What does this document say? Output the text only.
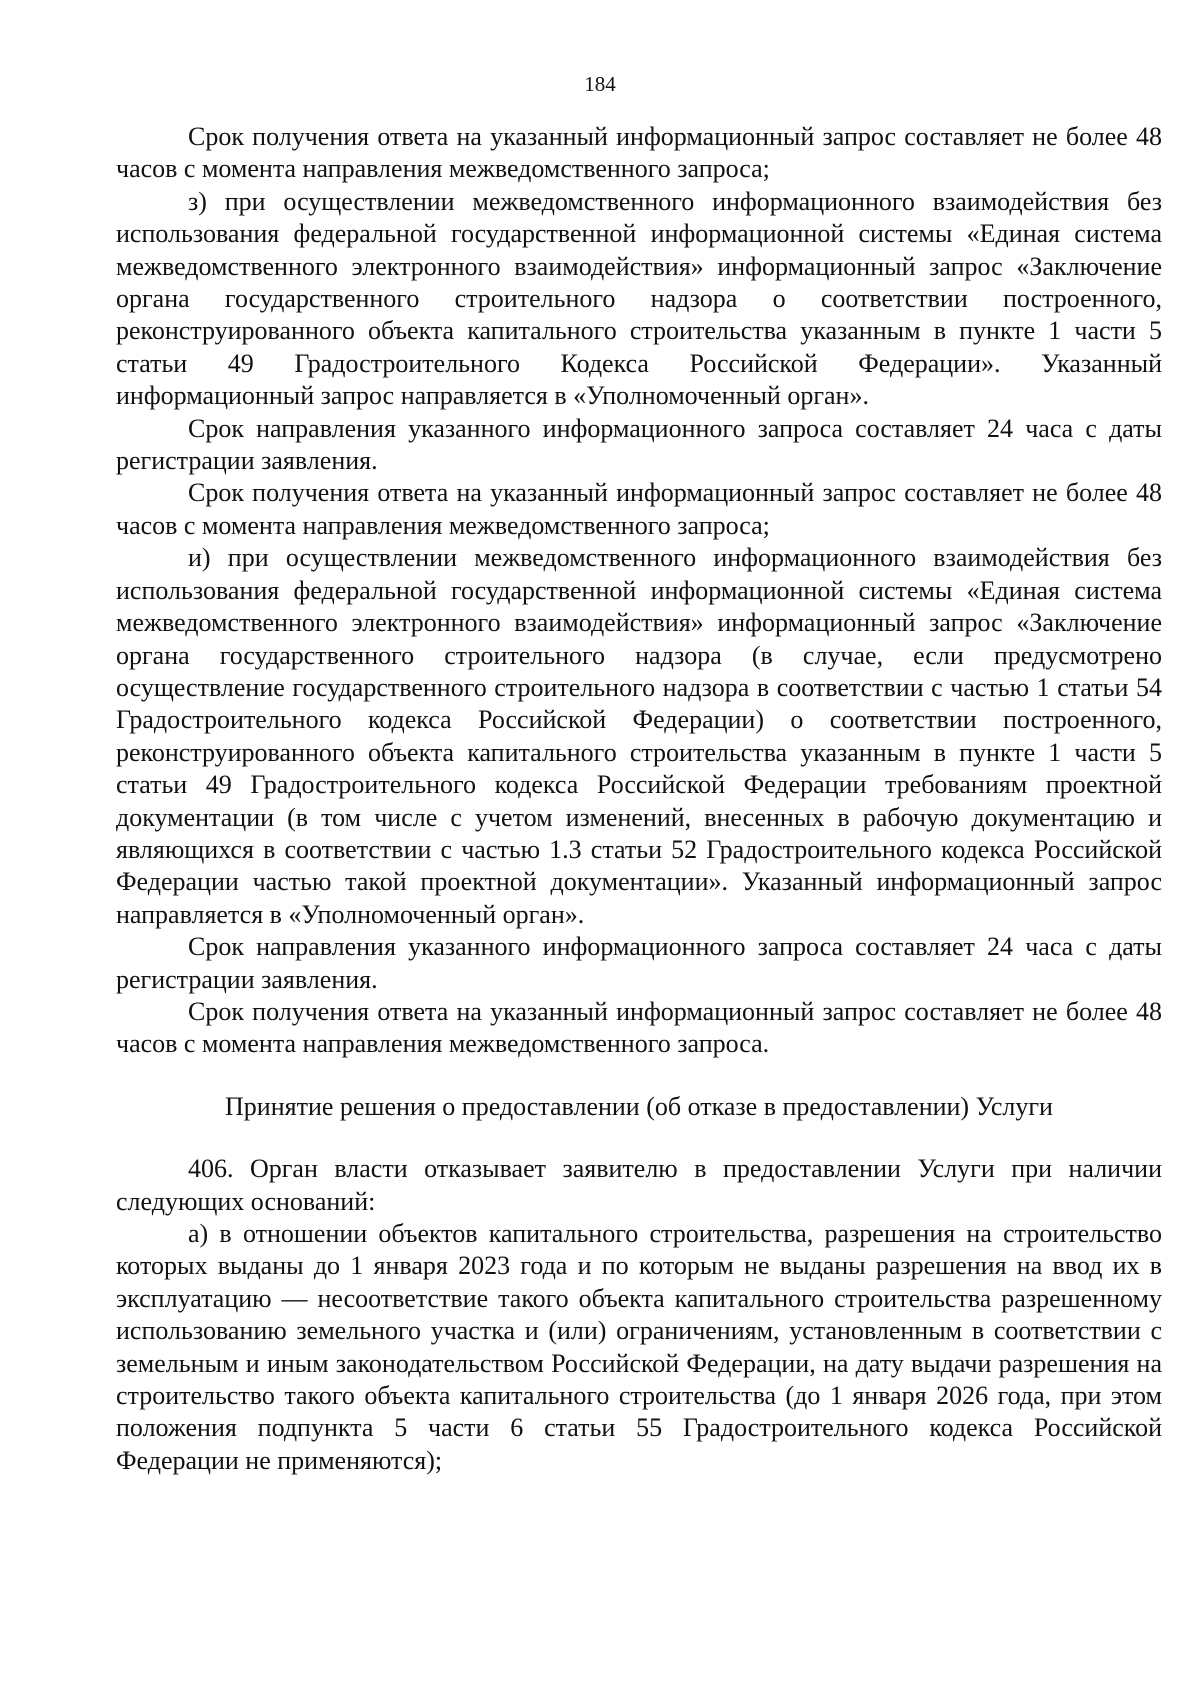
184

Срок получения ответа на указанный информационный запрос составляет не более 48 часов с момента направления межведомственного запроса;

з) при осуществлении межведомственного информационного взаимодействия без использования федеральной государственной информационной системы «Единая система межведомственного электронного взаимодействия» информационный запрос «Заключение органа государственного строительного надзора о соответствии построенного, реконструированного объекта капитального строительства указанным в пункте 1 части 5 статьи 49 Градостроительного Кодекса Российской Федерации». Указанный информационный запрос направляется в «Уполномоченный орган».

Срок направления указанного информационного запроса составляет 24 часа с даты регистрации заявления.

Срок получения ответа на указанный информационный запрос составляет не более 48 часов с момента направления межведомственного запроса;

и) при осуществлении межведомственного информационного взаимодействия без использования федеральной государственной информационной системы «Единая система межведомственного электронного взаимодействия» информационный запрос «Заключение органа государственного строительного надзора (в случае, если предусмотрено осуществление государственного строительного надзора в соответствии с частью 1 статьи 54 Градостроительного кодекса Российской Федерации) о соответствии построенного, реконструированного объекта капитального строительства указанным в пункте 1 части 5 статьи 49 Градостроительного кодекса Российской Федерации требованиям проектной документации (в том числе с учетом изменений, внесенных в рабочую документацию и являющихся в соответствии с частью 1.3 статьи 52 Градостроительного кодекса Российской Федерации частью такой проектной документации». Указанный информационный запрос направляется в «Уполномоченный орган».

Срок направления указанного информационного запроса составляет 24 часа с даты регистрации заявления.

Срок получения ответа на указанный информационный запрос составляет не более 48 часов с момента направления межведомственного запроса.

Принятие решения о предоставлении (об отказе в предоставлении) Услуги

406. Орган власти отказывает заявителю в предоставлении Услуги при наличии следующих оснований:

а) в отношении объектов капитального строительства, разрешения на строительство которых выданы до 1 января 2023 года и по которым не выданы разрешения на ввод их в эксплуатацию — несоответствие такого объекта капитального строительства разрешенному использованию земельного участка и (или) ограничениям, установленным в соответствии с земельным и иным законодательством Российской Федерации, на дату выдачи разрешения на строительство такого объекта капитального строительства (до 1 января 2026 года, при этом положения подпункта 5 части 6 статьи 55 Градостроительного кодекса Российской Федерации не применяются);
